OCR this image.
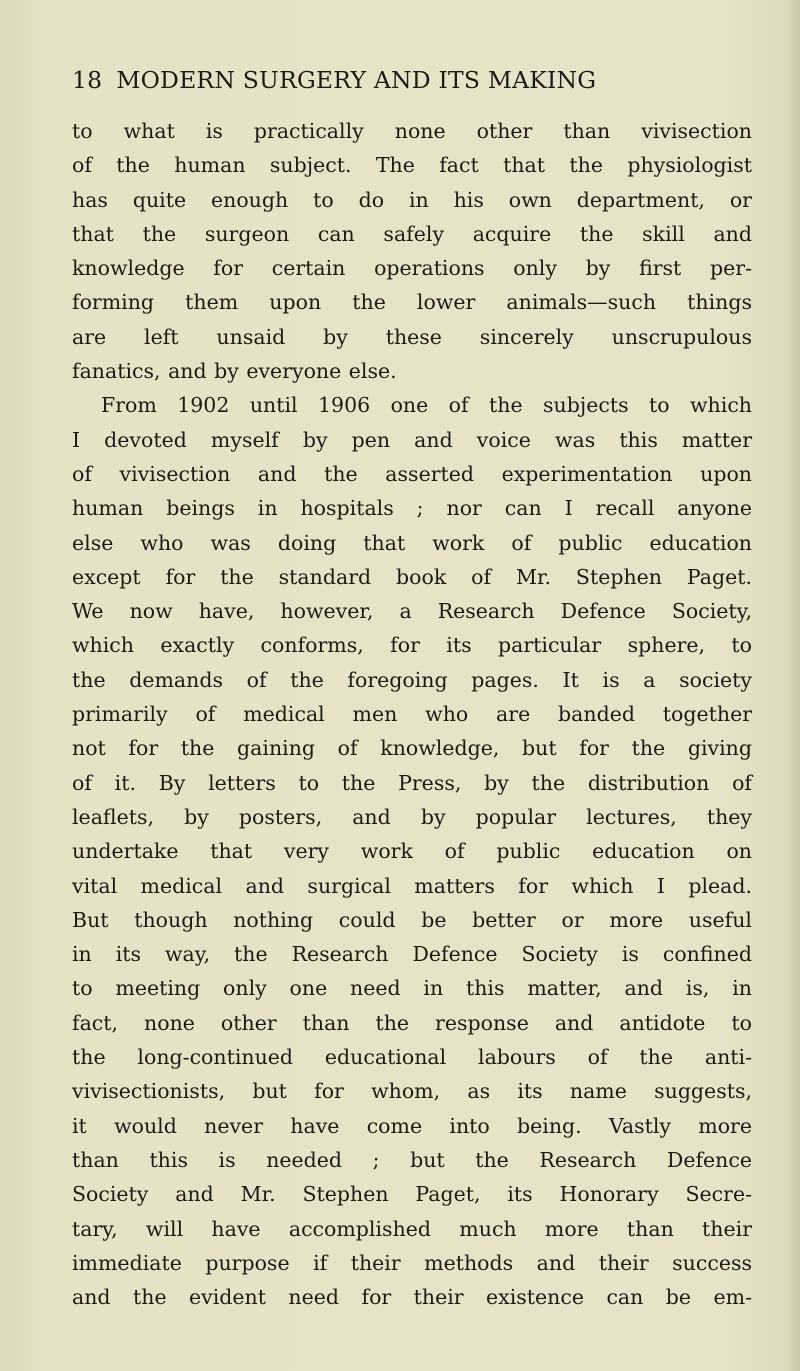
18 MODERN SURGERY AND ITS MAKING
to what is practically none other than vivisection
of the human subject. The fact that the physiologist
has quite enough to do in his own department, or
that the surgeon can safely acquire the skill and
knowledge for certain operations only by first per-
forming them upon the lower animals—such things
are left unsaid by these sincerely unscrupulous
fanatics, and by everyone else.
From 1902 until 1906 one of the subjects to which
I devoted myself by pen and voice was this matter
of vivisection and the asserted experimentation upon
human beings in hospitals ; nor can I recall anyone
else who was doing that work of public education
except for the standard book of Mr. Stephen Paget.
We now have, however, a Research Defence Society,
which exactly conforms, for its particular sphere, to
the demands of the foregoing pages. It is a society
primarily of medical men who are banded together
not for the gaining of knowledge, but for the giving
of it. By letters to the Press, by the distribution of
leaflets, by posters, and by popular lectures, they
undertake that very work of public education on
vital medical and surgical matters for which I plead.
But though nothing could be better or more useful
in its way, the Research Defence Society is confined
to meeting only one need in this matter, and is, in
fact, none other than the response and antidote to
the long-continued educational labours of the anti-
vivisectionists, but for whom, as its name suggests,
it would never have come into being. Vastly more
than this is needed ; but the Research Defence
Society and Mr. Stephen Paget, its Honorary Secre-
tary, will have accomplished much more than their
immediate purpose if their methods and their success
and the evident need for their existence can be em-
